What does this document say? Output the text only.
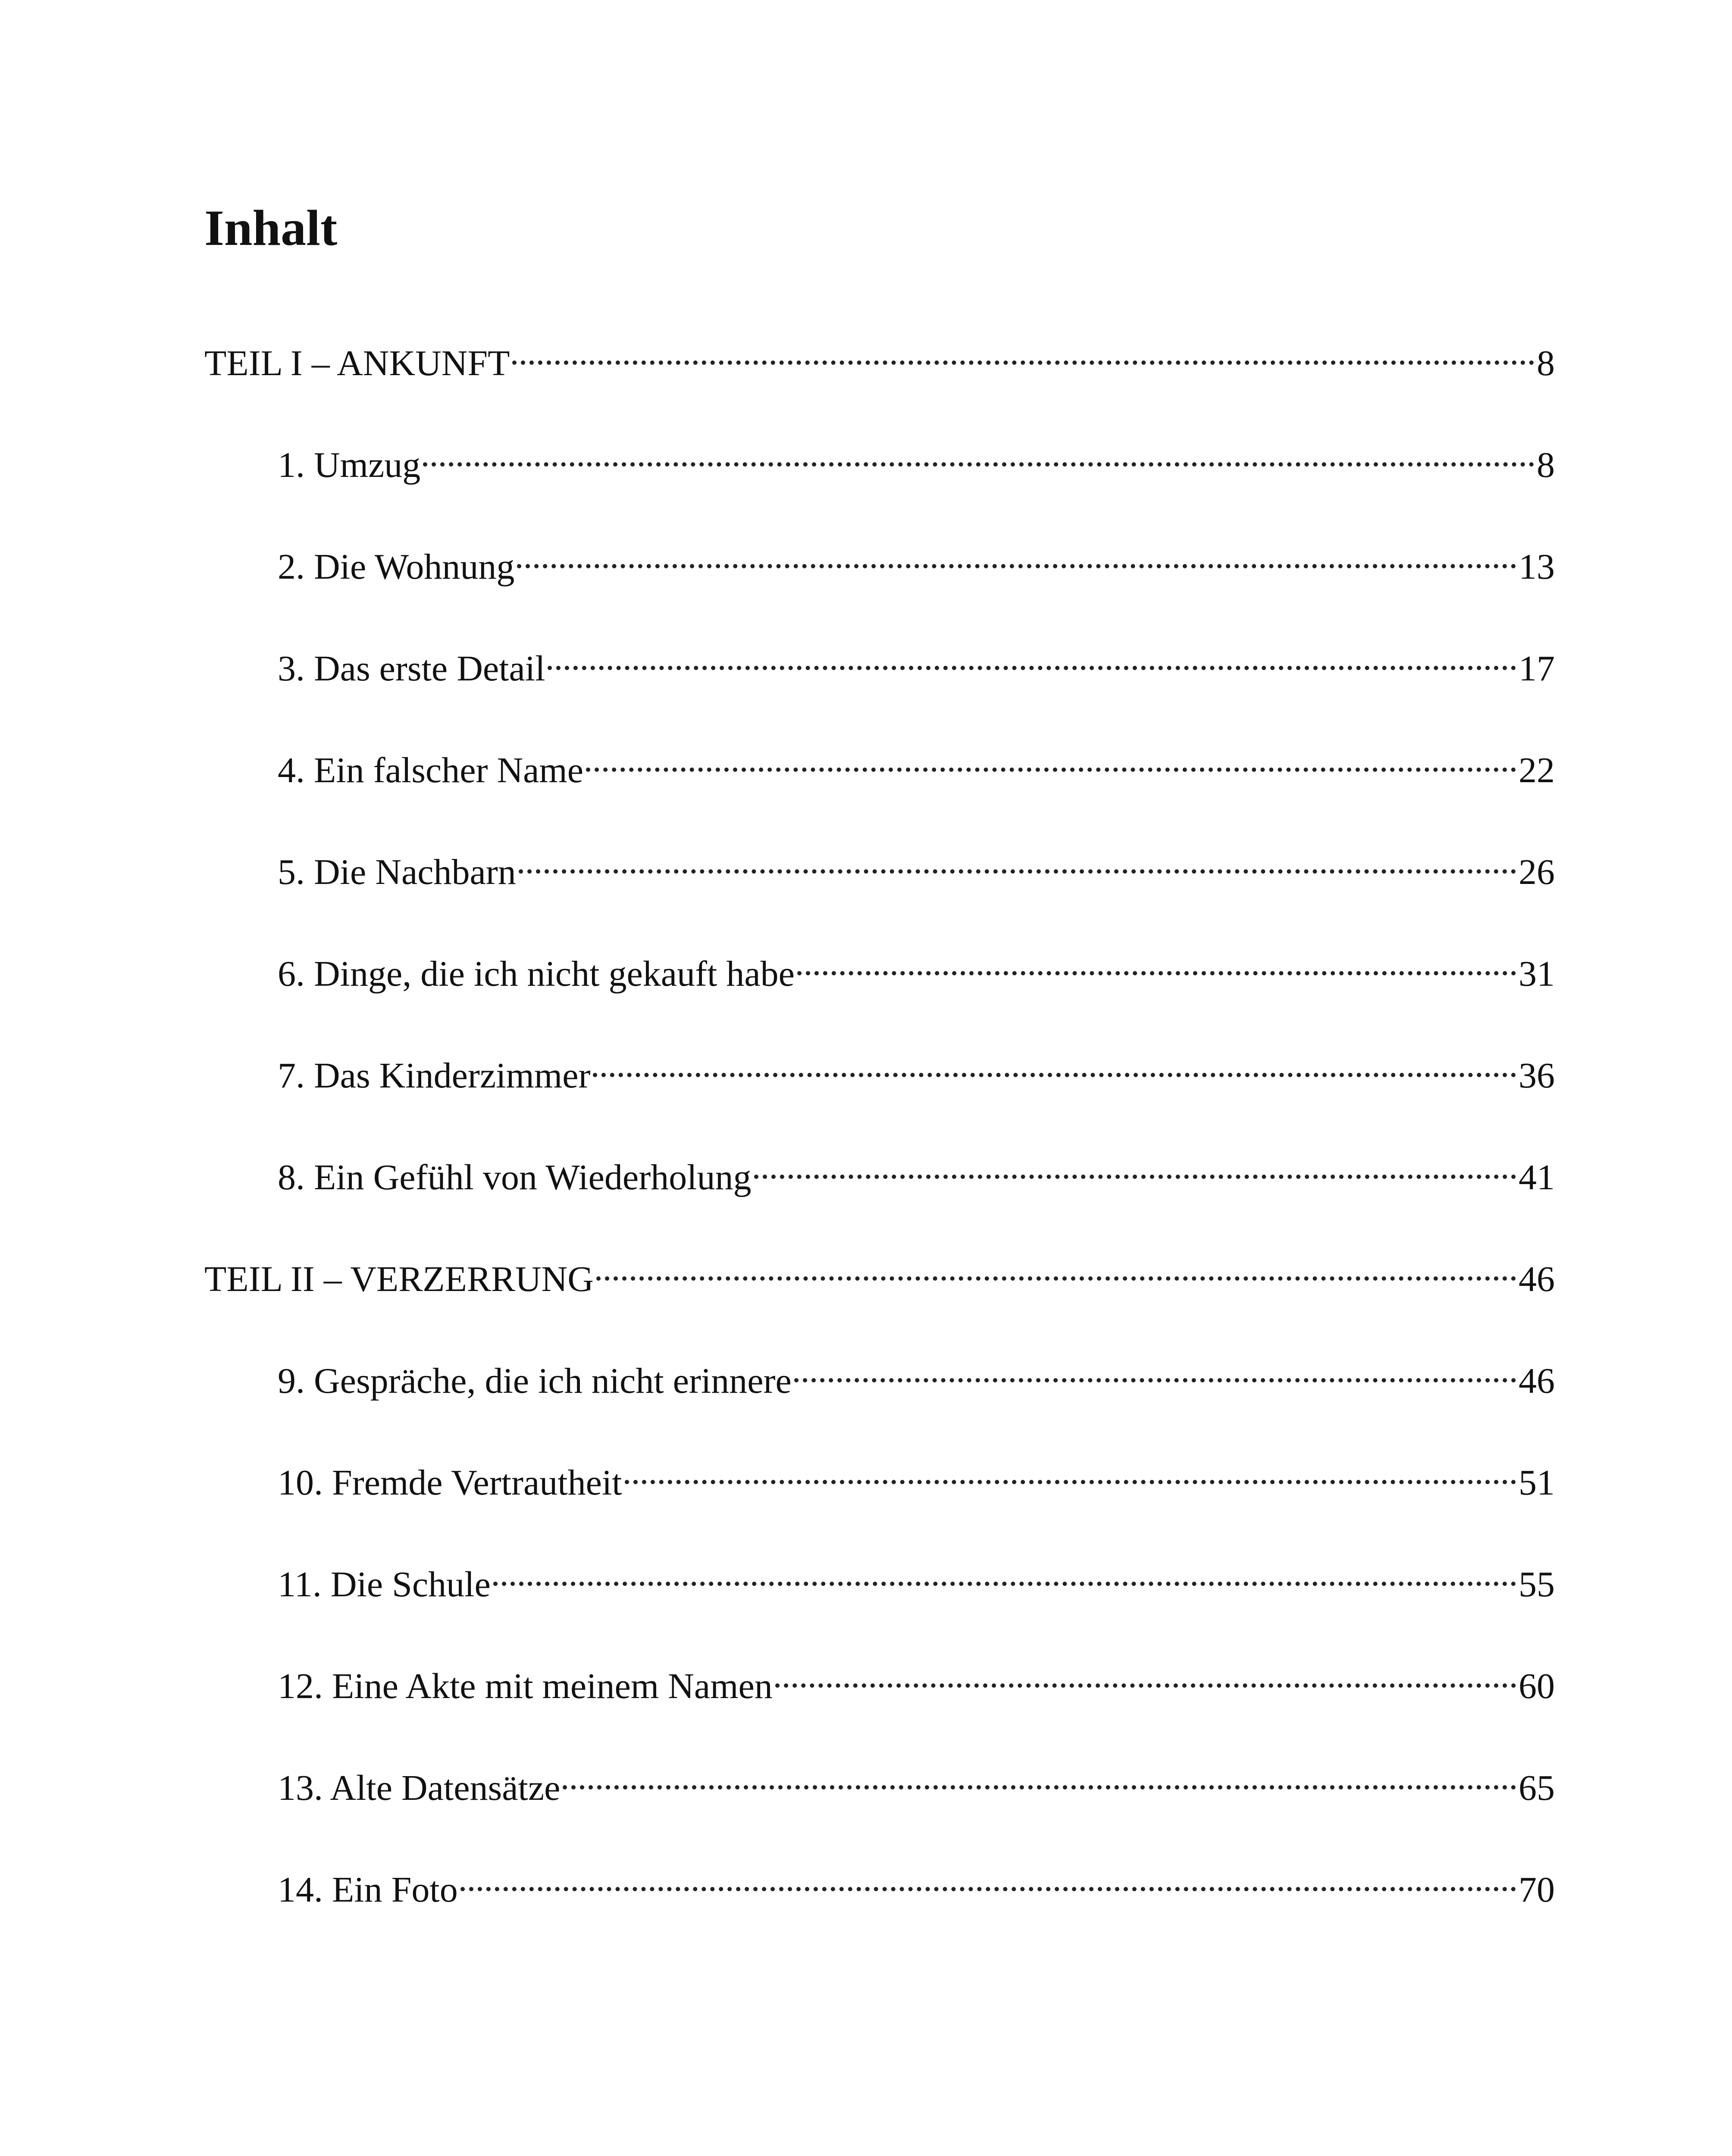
Inhalt
TEIL I – ANKUNFT	8
1. Umzug	8
2. Die Wohnung	13
3. Das erste Detail	17
4. Ein falscher Name	22
5. Die Nachbarn	26
6. Dinge, die ich nicht gekauft habe	31
7. Das Kinderzimmer	36
8. Ein Gefühl von Wiederholung	41
TEIL II – VERZERRUNG	46
9. Gespräche, die ich nicht erinnere	46
10. Fremde Vertrautheit	51
11. Die Schule	55
12. Eine Akte mit meinem Namen	60
13. Alte Datensätze	65
14. Ein Foto	70
